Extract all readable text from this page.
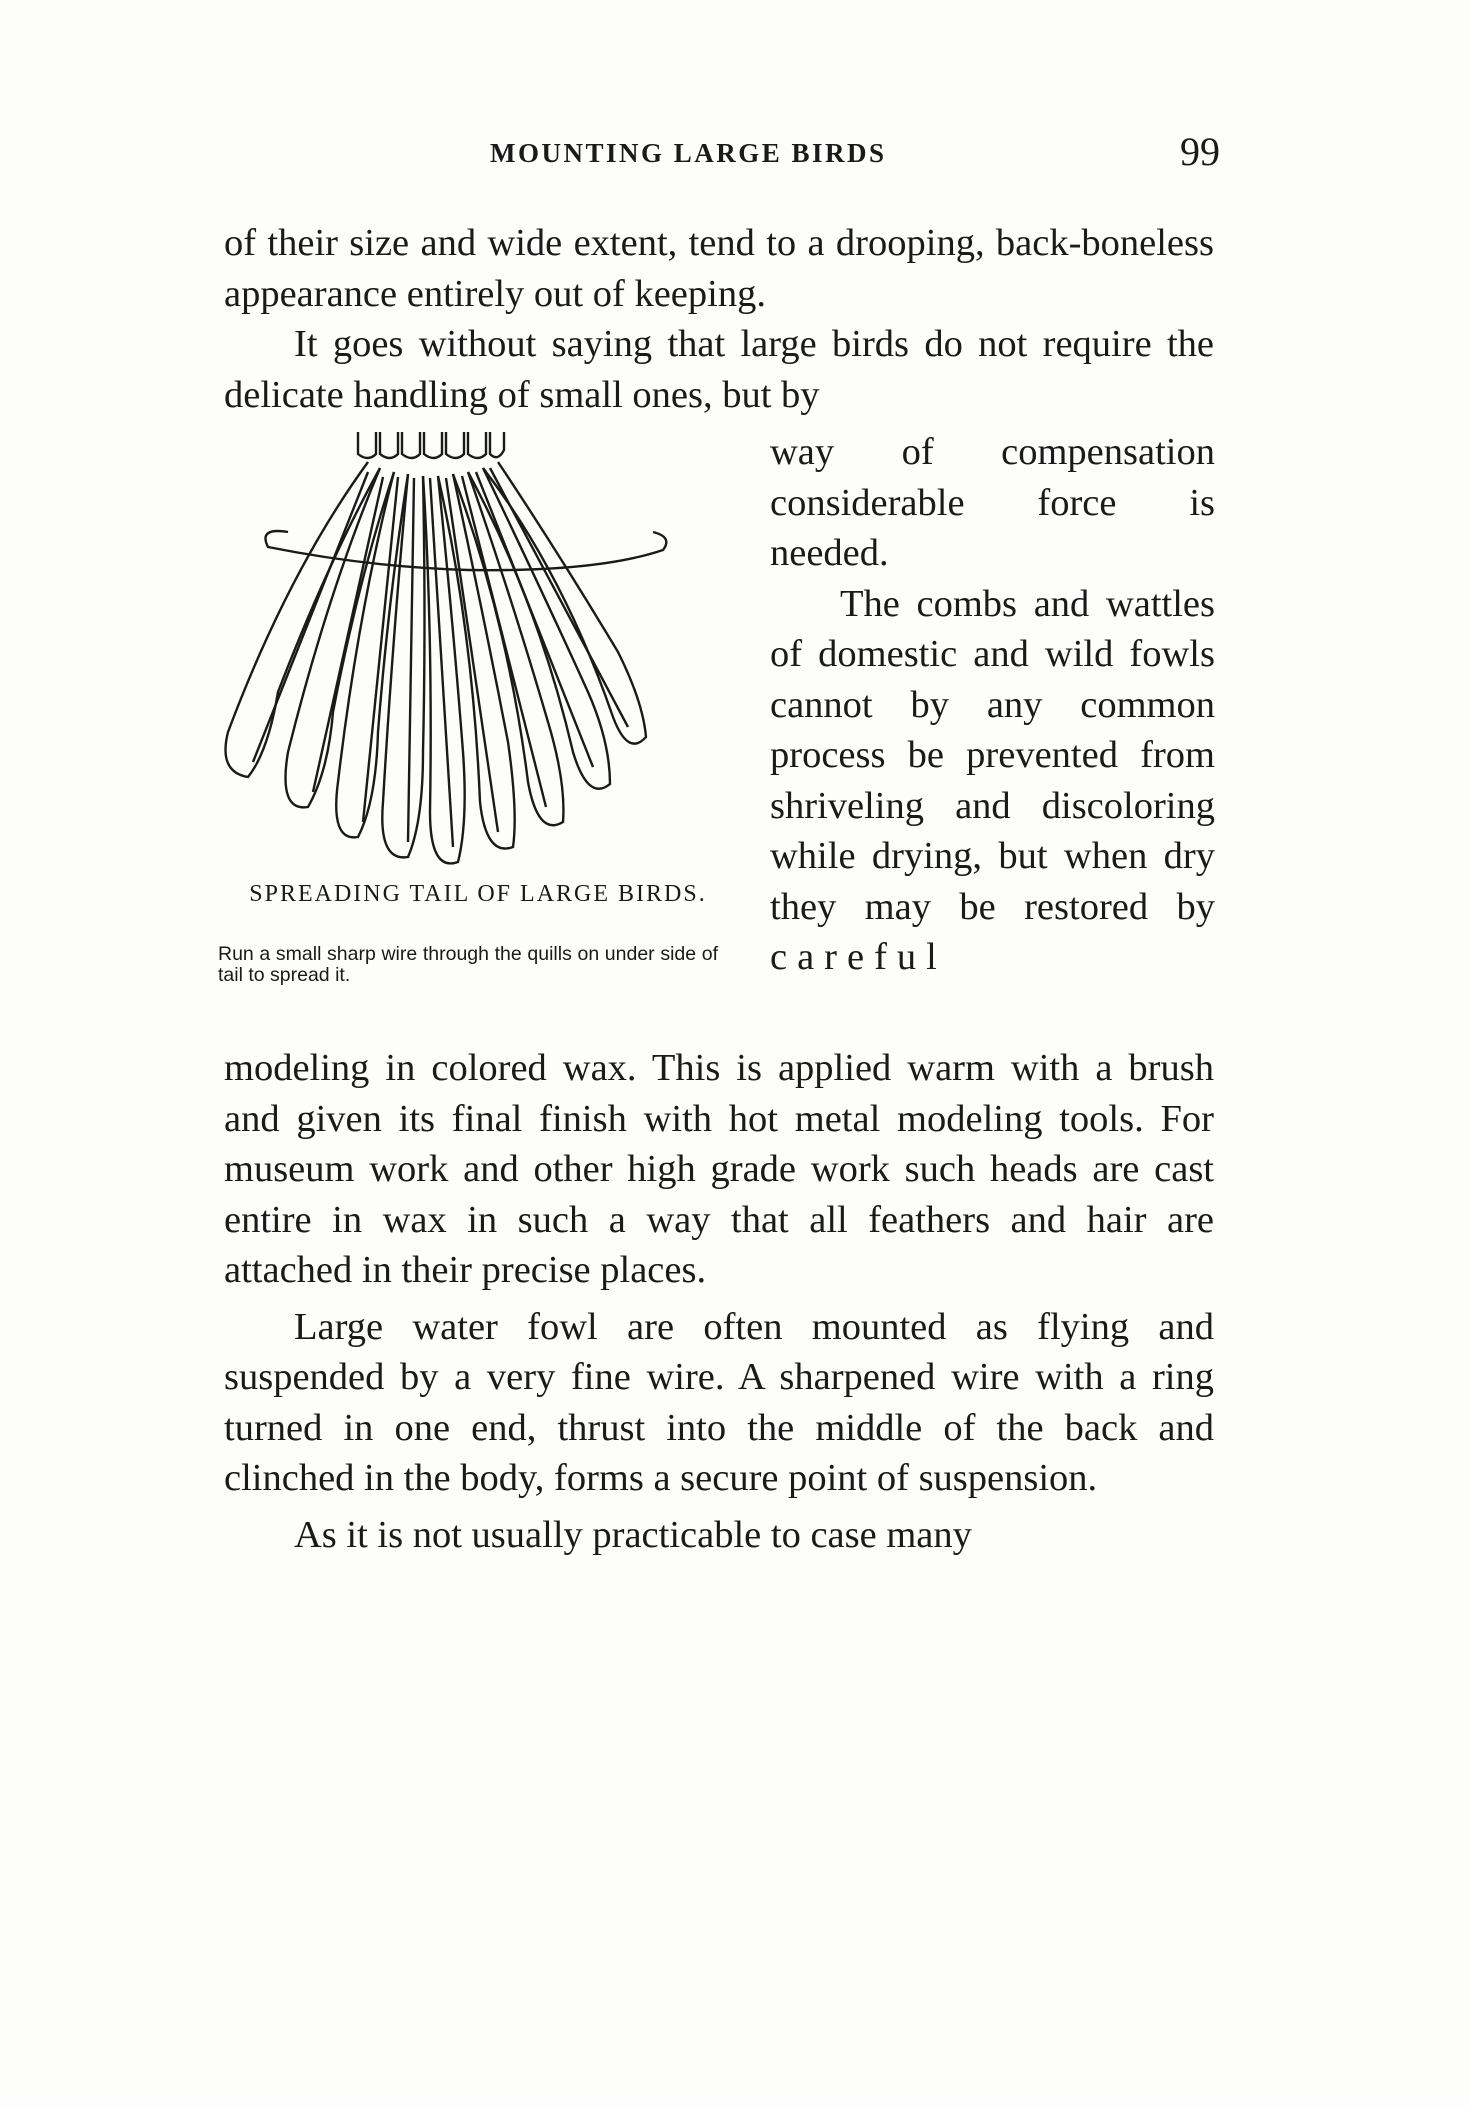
MOUNTING LARGE BIRDS	99

of their size and wide extent, tend to a drooping, back-boneless appearance entirely out of keeping.

It goes without saying that large birds do not require the delicate handling of small ones, but by

SPREADING TAIL OF LARGE BIRDS.
Run a small sharp wire through the quills on under side of tail to spread it.

way of compensation considerable force is needed.

The combs and wattles of domestic and wild fowls cannot by any common process be prevented from shriveling and discoloring while drying, but when dry they may be restored by careful

modeling in colored wax. This is applied warm with a brush and given its final finish with hot metal modeling tools. For museum work and other high grade work such heads are cast entire in wax in such a way that all feathers and hair are attached in their precise places.

Large water fowl are often mounted as flying and suspended by a very fine wire. A sharpened wire with a ring turned in one end, thrust into the middle of the back and clinched in the body, forms a secure point of suspension.

As it is not usually practicable to case many
